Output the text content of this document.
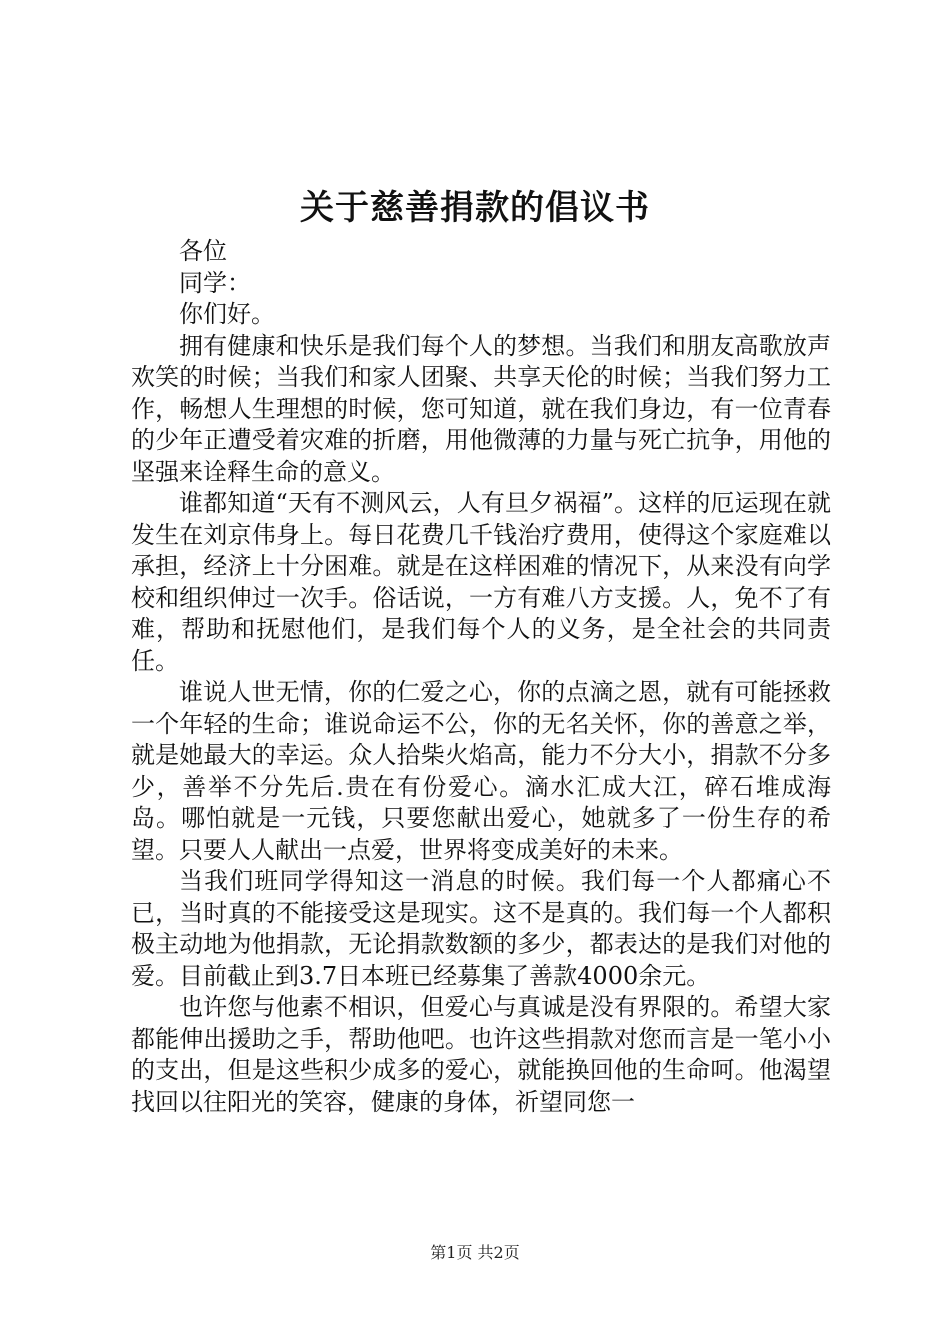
关于慈善捐款的倡议书

各位

同学：

你们好。

拥有健康和快乐是我们每个人的梦想。当我们和朋友高歌放声欢笑的时候；当我们和家人团聚、共享天伦的时候；当我们努力工作，畅想人生理想的时候，您可知道，就在我们身边，有一位青春的少年正遭受着灾难的折磨，用他微薄的力量与死亡抗争，用他的坚强来诠释生命的意义。

谁都知道“天有不测风云，人有旦夕祸福”。这样的厄运现在就发生在刘京伟身上。每日花费几千钱治疗费用，使得这个家庭难以承担，经济上十分困难。就是在这样困难的情况下，从来没有向学校和组织伸过一次手。俗话说，一方有难八方支援。人，免不了有难，帮助和抚慰他们，是我们每个人的义务，是全社会的共同责任。

谁说人世无情，你的仁爱之心，你的点滴之恩，就有可能拯救一个年轻的生命；谁说命运不公，你的无名关怀，你的善意之举，就是她最大的幸运。众人拾柴火焰高，能力不分大小，捐款不分多少，善举不分先后.贵在有份爱心。滴水汇成大江，碎石堆成海岛。哪怕就是一元钱，只要您献出爱心，她就多了一份生存的希望。只要人人献出一点爱，世界将变成美好的未来。

当我们班同学得知这一消息的时候。我们每一个人都痛心不已，当时真的不能接受这是现实。这不是真的。我们每一个人都积极主动地为他捐款，无论捐款数额的多少，都表达的是我们对他的爱。目前截止到3.7日本班已经募集了善款4000余元。

也许您与他素不相识，但爱心与真诚是没有界限的。希望大家都能伸出援助之手，帮助他吧。也许这些捐款对您而言是一笔小小的支出，但是这些积少成多的爱心，就能换回他的生命呵。他渴望找回以往阳光的笑容，健康的身体，祈望同您一

第1页 共2页
